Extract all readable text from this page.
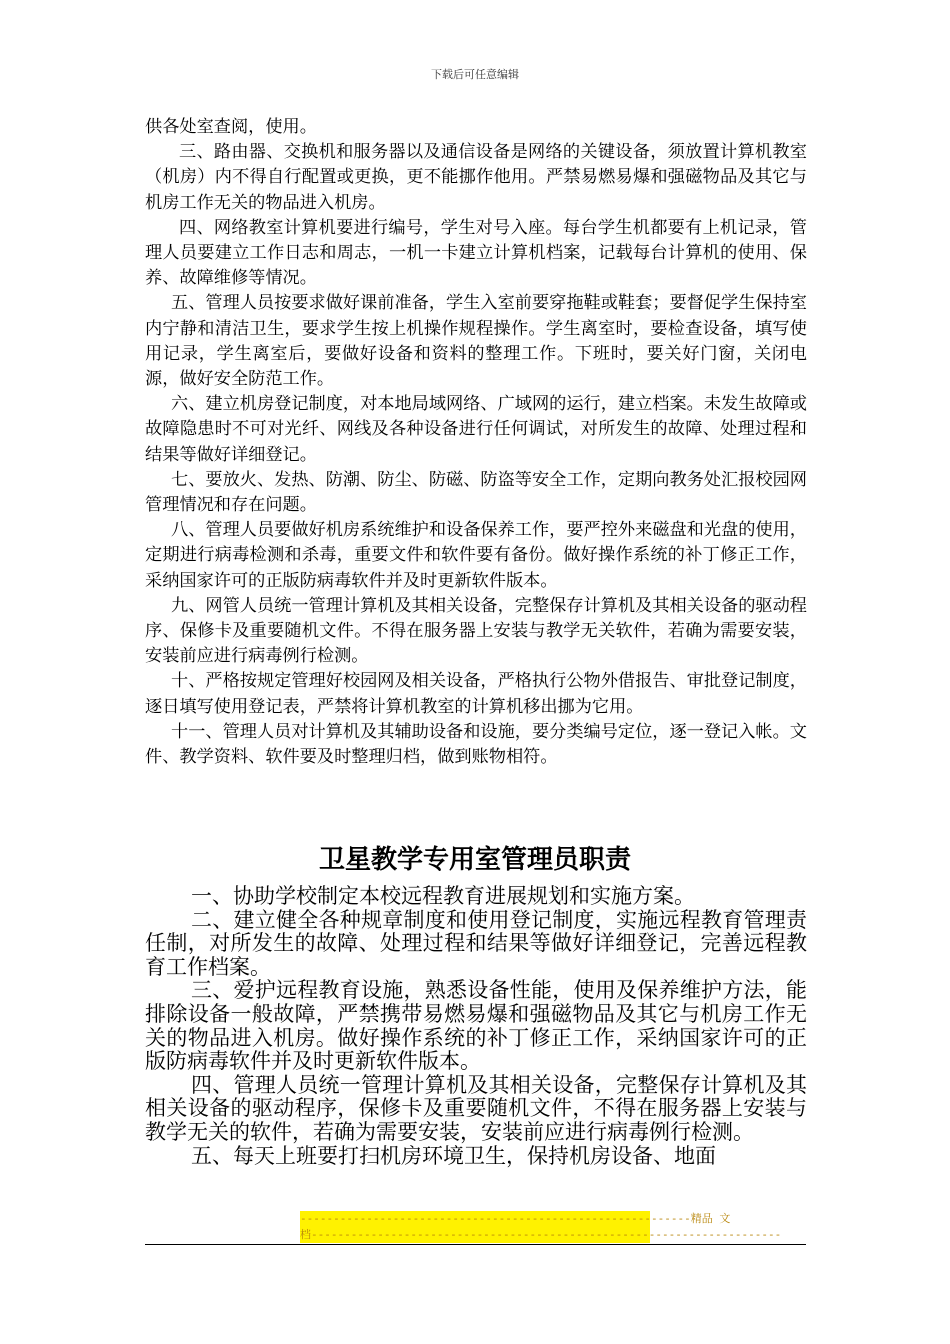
下载后可任意编辑

供各处室查阅，使用。

三、路由器、交换机和服务器以及通信设备是网络的关键设备，须放置计算机教室（机房）内不得自行配置或更换，更不能挪作他用。严禁易燃易爆和强磁物品及其它与机房工作无关的物品进入机房。

四、网络教室计算机要进行编号，学生对号入座。每台学生机都要有上机记录，管理人员要建立工作日志和周志，一机一卡建立计算机档案，记载每台计算机的使用、保养、故障维修等情况。

五、管理人员按要求做好课前准备，学生入室前要穿拖鞋或鞋套；要督促学生保持室内宁静和清洁卫生，要求学生按上机操作规程操作。学生离室时，要检查设备，填写使用记录，学生离室后，要做好设备和资料的整理工作。下班时，要关好门窗，关闭电源，做好安全防范工作。

六、建立机房登记制度，对本地局域网络、广域网的运行，建立档案。未发生故障或故障隐患时不可对光纤、网线及各种设备进行任何调试，对所发生的故障、处理过程和结果等做好详细登记。

七、要放火、发热、防潮、防尘、防磁、防盗等安全工作，定期向教务处汇报校园网管理情况和存在问题。

八、管理人员要做好机房系统维护和设备保养工作，要严控外来磁盘和光盘的使用，定期进行病毒检测和杀毒，重要文件和软件要有备份。做好操作系统的补丁修正工作，采纳国家许可的正版防病毒软件并及时更新软件版本。

九、网管人员统一管理计算机及其相关设备，完整保存计算机及其相关设备的驱动程序、保修卡及重要随机文件。不得在服务器上安装与教学无关软件，若确为需要安装，安装前应进行病毒例行检测。

十、严格按规定管理好校园网及相关设备，严格执行公物外借报告、审批登记制度，逐日填写使用登记表，严禁将计算机教室的计算机移出挪为它用。

十一、管理人员对计算机及其辅助设备和设施，要分类编号定位，逐一登记入帐。文件、教学资料、软件要及时整理归档，做到账物相符。

卫星教学专用室管理员职责

一、协助学校制定本校远程教育进展规划和实施方案。

二、建立健全各种规章制度和使用登记制度，实施远程教育管理责任制，对所发生的故障、处理过程和结果等做好详细登记，完善远程教育工作档案。

三、爱护远程教育设施，熟悉设备性能，使用及保养维护方法，能排除设备一般故障，严禁携带易燃易爆和强磁物品及其它与机房工作无关的物品进入机房。做好操作系统的补丁修正工作，采纳国家许可的正版防病毒软件并及时更新软件版本。

四、管理人员统一管理计算机及其相关设备，完整保存计算机及其相关设备的驱动程序，保修卡及重要随机文件，不得在服务器上安装与教学无关的软件，若确为需要安装，安装前应进行病毒例行检测。

五、每天上班要打扫机房环境卫生，保持机房设备、地面

-----------------------------------------------------------精品 文
档-----------------------------------------------------------------------
